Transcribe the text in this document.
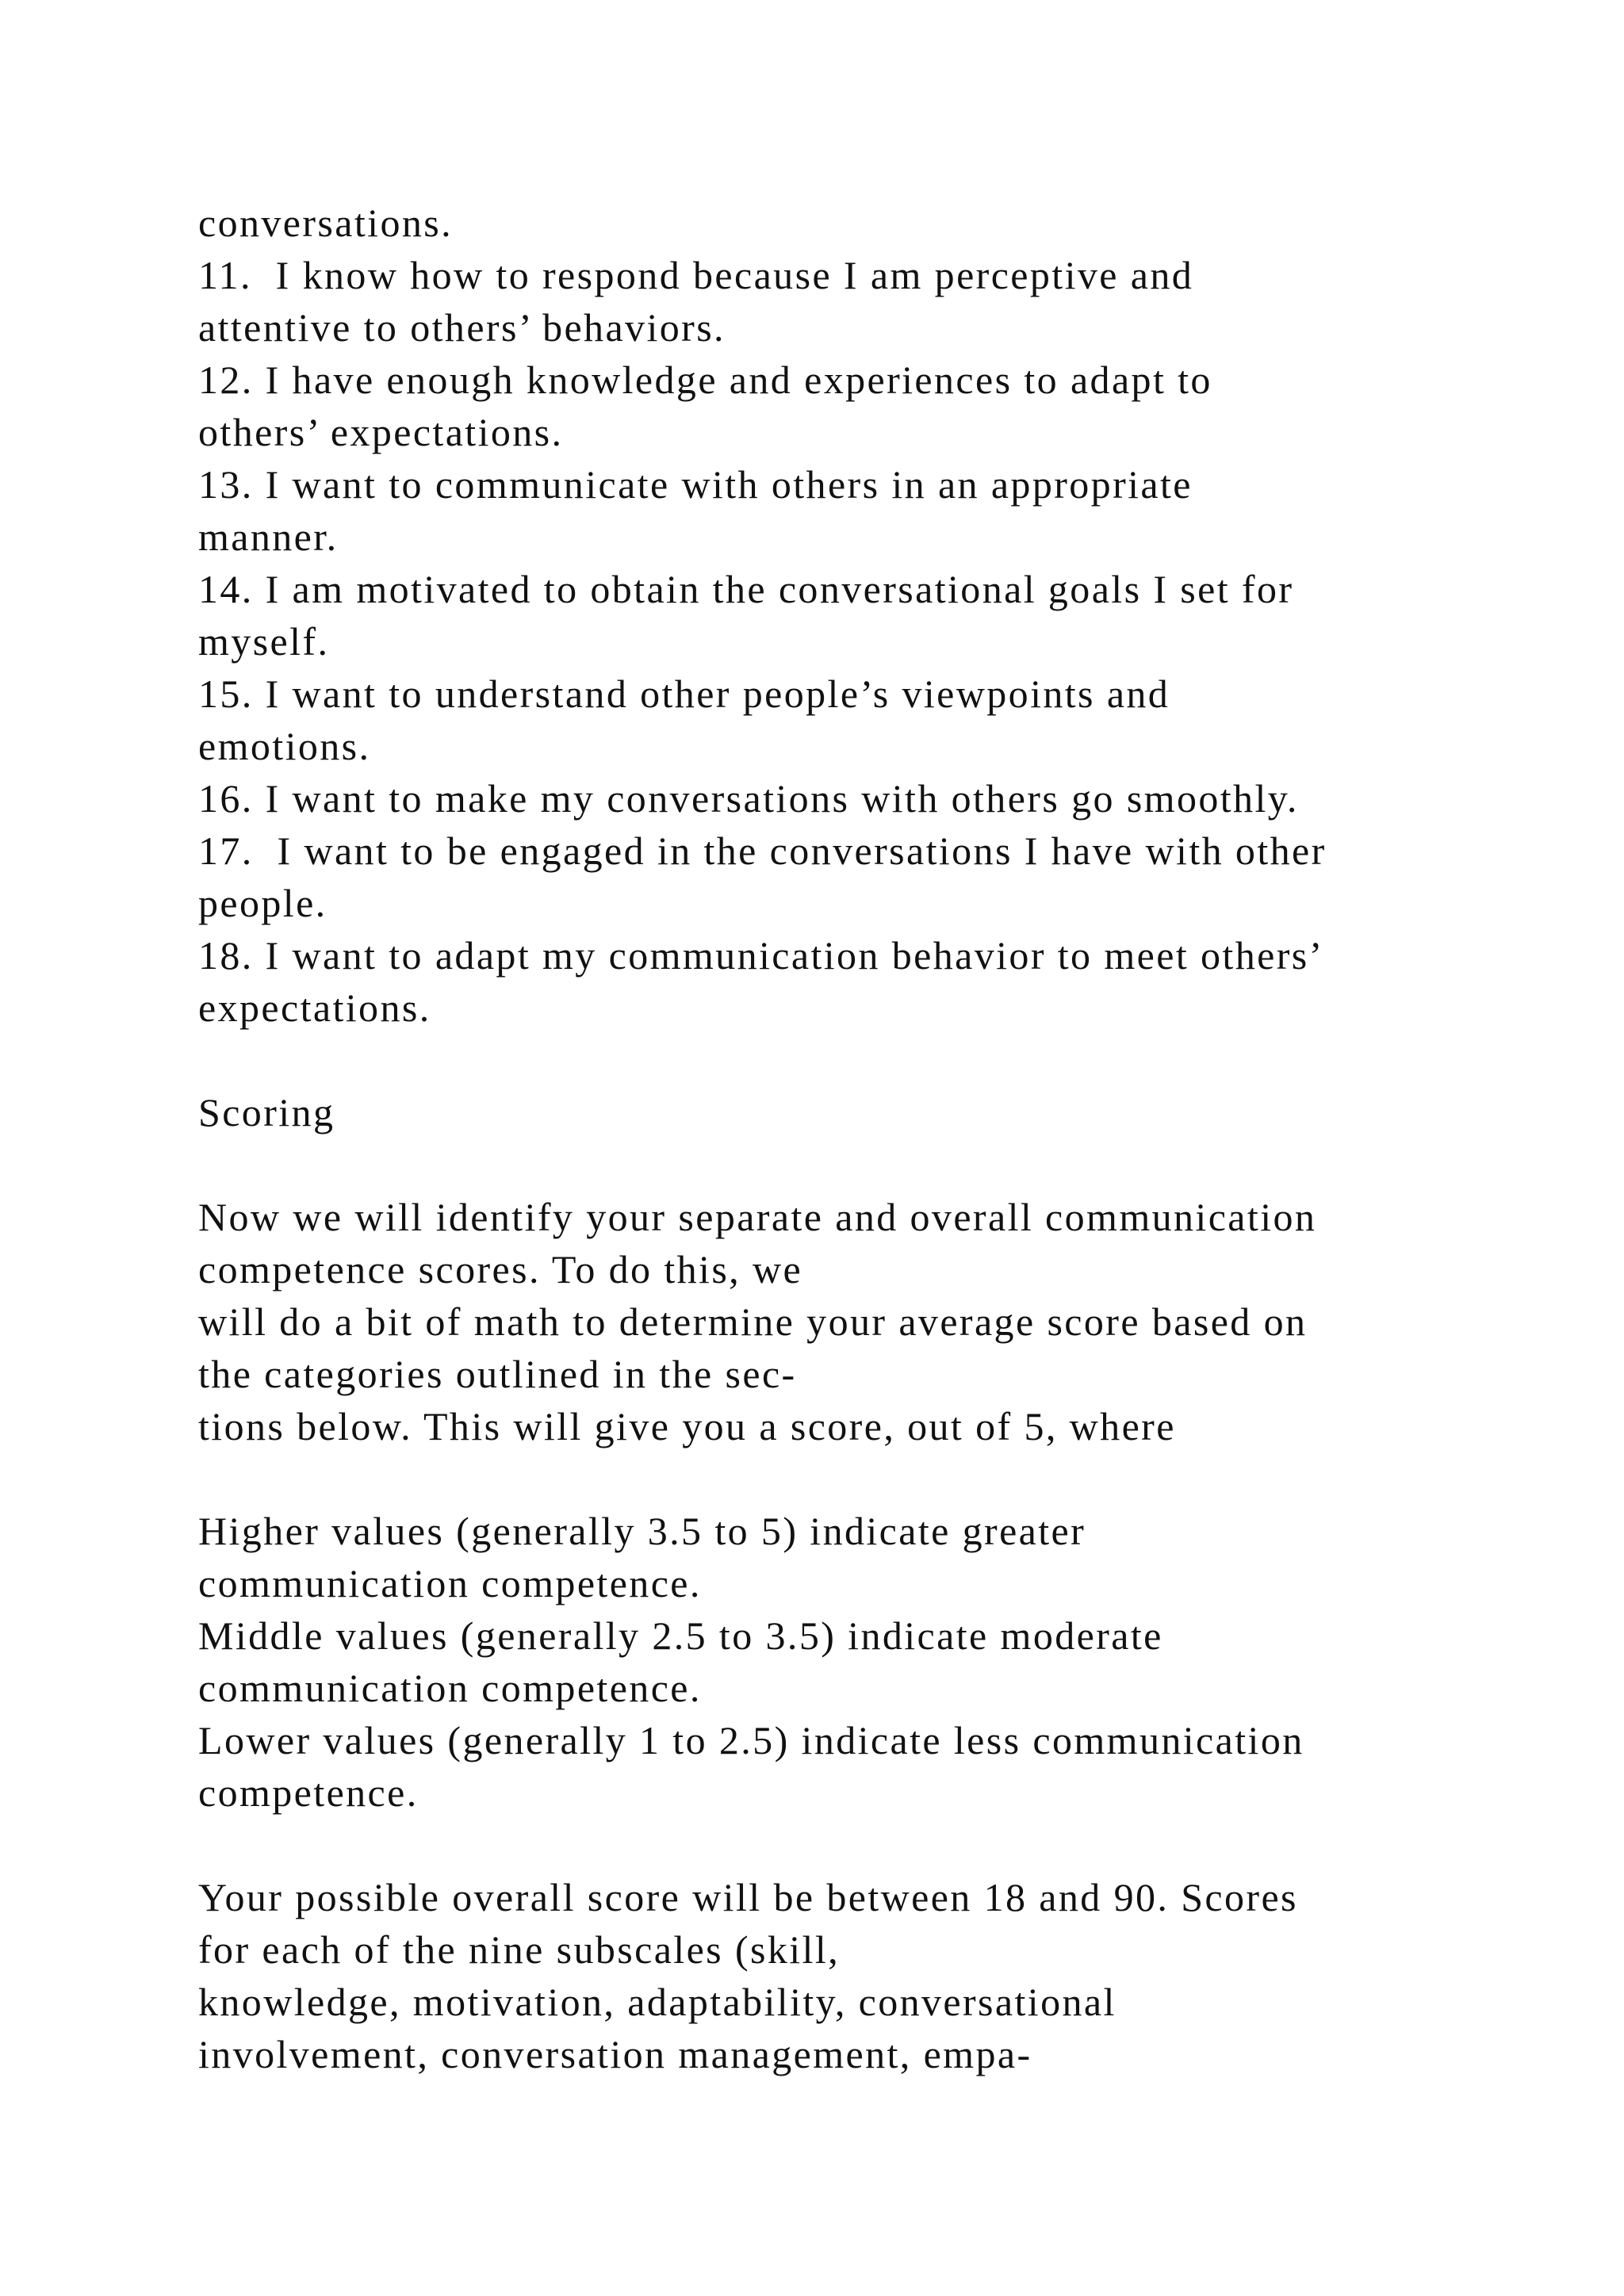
conversations.
11.  I know how to respond because I am perceptive and
attentive to others’ behaviors.
12. I have enough knowledge and experiences to adapt to
others’ expectations.
13. I want to communicate with others in an appropriate
manner.
14. I am motivated to obtain the conversational goals I set for
myself.
15. I want to understand other people’s viewpoints and
emotions.
16. I want to make my conversations with others go smoothly.
17.  I want to be engaged in the conversations I have with other
people.
18. I want to adapt my communication behavior to meet others’
expectations.
Scoring
Now we will identify your separate and overall communication
competence scores. To do this, we
will do a bit of math to determine your average score based on
the categories outlined in the sec-
tions below. This will give you a score, out of 5, where
Higher values (generally 3.5 to 5) indicate greater
communication competence.
Middle values (generally 2.5 to 3.5) indicate moderate
communication competence.
Lower values (generally 1 to 2.5) indicate less communication
competence.
Your possible overall score will be between 18 and 90. Scores
for each of the nine subscales (skill,
knowledge, motivation, adaptability, conversational
involvement, conversation management, empa-
